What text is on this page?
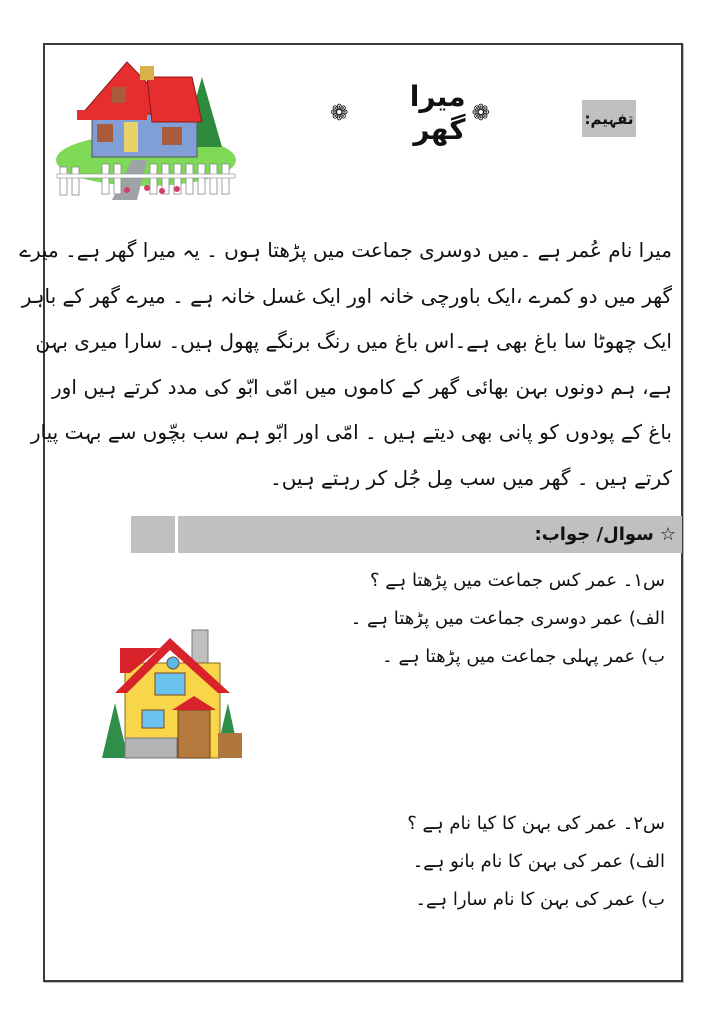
❁
میرا گھر
❁	تفہیم:
میرا نام عُمر ہے ۔میں دوسری جماعت میں پڑھتا ہوں ۔ یہ میرا گھر ہے۔ میرے
گھر میں دو کمرے ،ایک باورچی خانہ اور ایک غسل خانہ ہے ۔ میرے گھر کے باہر
ایک چھوٹا سا باغ بھی ہے۔اس باغ میں رنگ برنگے پھول ہیں۔ سارا میری بہن
ہے، ہم دونوں بہن بھائی گھر کے کاموں میں امّی ابّو کی مدد کرتے ہیں اور
باغ کے پودوں کو پانی بھی دیتے ہیں ۔ امّی اور ابّو ہم سب بچّوں سے بہت پیار
کرتے ہیں ۔ گھر میں سب مِل جُل کر رہتے ہیں۔
☆سوال/ جواب:
س۱۔ عمر کس جماعت میں پڑھتا ہے ؟
الف) عمر دوسری جماعت میں پڑھتا ہے ۔
ب) عمر پہلی جماعت میں پڑھتا ہے ۔
س۲۔ عمر کی بہن کا کیا نام ہے ؟
الف) عمر کی بہن کا نام بانو ہے۔
ب) عمر کی بہن کا نام سارا ہے۔
